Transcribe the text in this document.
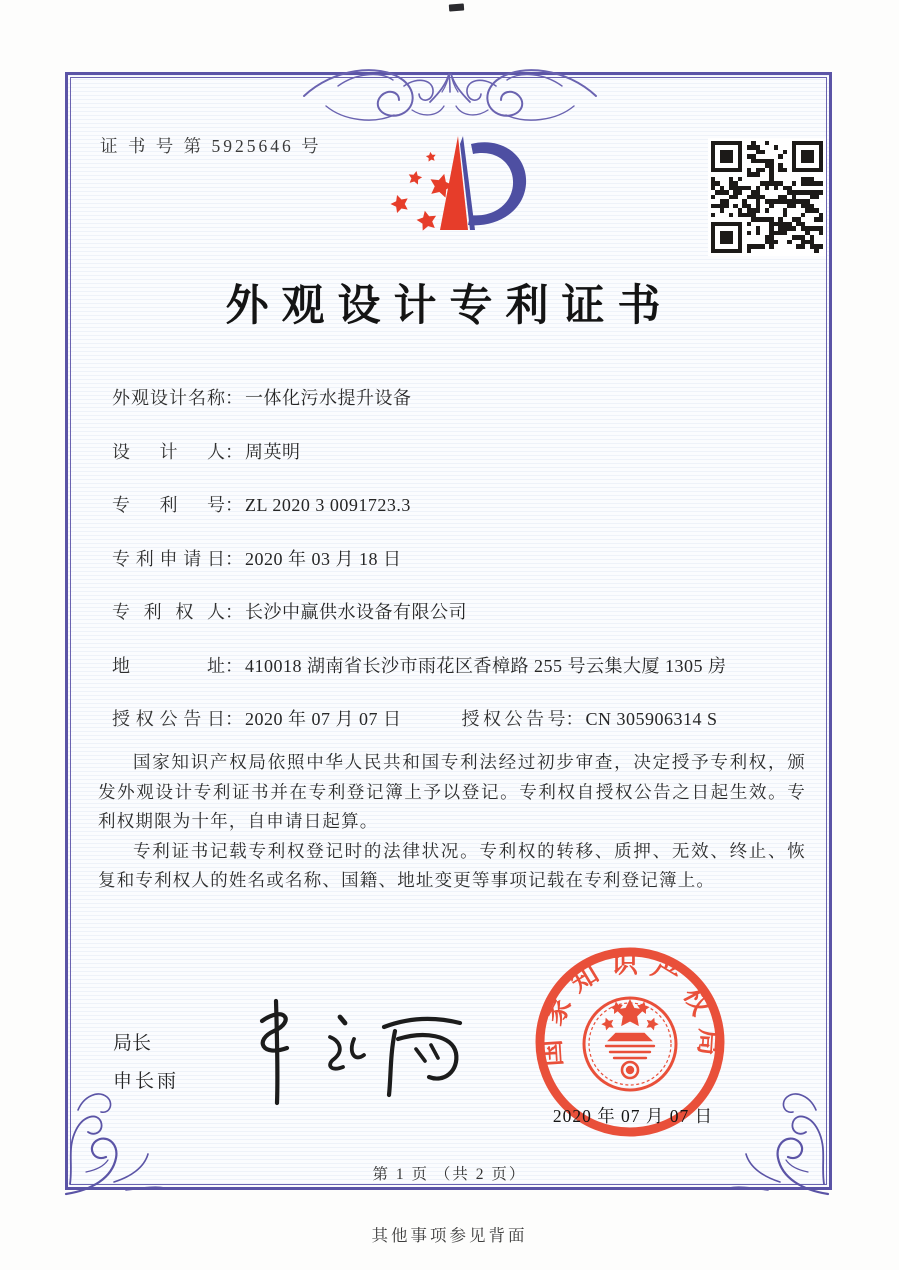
证 书 号 第 5925646 号
外观设计专利证书
外观设计名称： 一体化污水提升设备
设计人： 周英明
专利号： ZL 2020 3 0091723.3
专利申请日： 2020 年 03 月 18 日
专利权人： 长沙中赢供水设备有限公司
地址： 410018 湖南省长沙市雨花区香樟路 255 号云集大厦 1305 房
授权公告日： 2020 年 07 月 07 日	授权公告号： CN 305906314 S

国家知识产权局依照中华人民共和国专利法经过初步审查，决定授予专利权，颁发外观设计专利证书并在专利登记簿上予以登记。专利权自授权公告之日起生效。专利权期限为十年，自申请日起算。

专利证书记载专利权登记时的法律状况。专利权的转移、质押、无效、终止、恢复和专利权人的姓名或名称、国籍、地址变更等事项记载在专利登记簿上。

局长
申长雨
国家知识产权局
2020 年 07 月 07 日
第 1 页 （共 2 页）
其他事项参见背面
